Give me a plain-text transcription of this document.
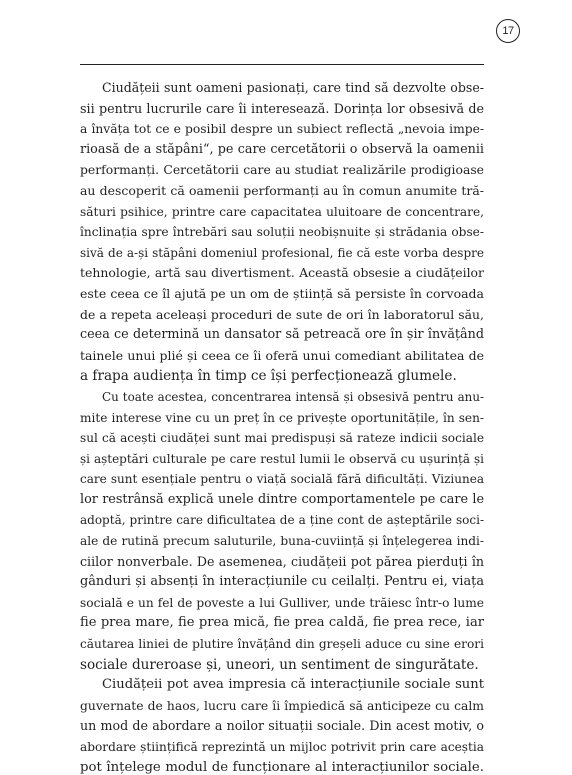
17

Ciudățeii sunt oameni pasionați, care tind să dezvolte obse-
sii pentru lucrurile care îi interesează. Dorința lor obsesivă de
a învăța tot ce e posibil despre un subiect reflectă „nevoia impe-
rioasă de a stăpâni“, pe care cercetătorii o observă la oamenii
performanți. Cercetătorii care au studiat realizările prodigioase
au descoperit că oamenii performanți au în comun anumite tră-
sături psihice, printre care capacitatea uluitoare de concentrare,
înclinația spre întrebări sau soluții neobișnuite și strădania obse-
sivă de a-și stăpâni domeniul profesional, fie că este vorba despre
tehnologie, artă sau divertisment. Această obsesie a ciudățeilor
este ceea ce îl ajută pe un om de știință să persiste în corvoada
de a repeta aceleași proceduri de sute de ori în laboratorul său,
ceea ce determină un dansator să petreacă ore în șir învățând
tainele unui plié și ceea ce îi oferă unui comediant abilitatea de
a frapa audiența în timp ce își perfecționează glumele.

Cu toate acestea, concentrarea intensă și obsesivă pentru anu-
mite interese vine cu un preț în ce privește oportunitățile, în sen-
sul că acești ciudăței sunt mai predispuși să rateze indicii sociale
și așteptări culturale pe care restul lumii le observă cu ușurință și
care sunt esențiale pentru o viață socială fără dificultăți. Viziunea
lor restrânsă explică unele dintre comportamentele pe care le
adoptă, printre care dificultatea de a ține cont de așteptările soci-
ale de rutină precum saluturile, buna-cuviință și înțelegerea indi-
ciilor nonverbale. De asemenea, ciudățeii pot părea pierduți în
gânduri și absenți în interacțiunile cu ceilalți. Pentru ei, viața
socială e un fel de poveste a lui Gulliver, unde trăiesc într-o lume
fie prea mare, fie prea mică, fie prea caldă, fie prea rece, iar
căutarea liniei de plutire învățând din greșeli aduce cu sine erori
sociale dureroase și, uneori, un sentiment de singurătate.

Ciudățeii pot avea impresia că interacțiunile sociale sunt
guvernate de haos, lucru care îi împiedică să anticipeze cu calm
un mod de abordare a noilor situații sociale. Din acest motiv, o
abordare științifică reprezintă un mijloc potrivit prin care aceștia
pot înțelege modul de funcționare al interacțiunilor sociale.
